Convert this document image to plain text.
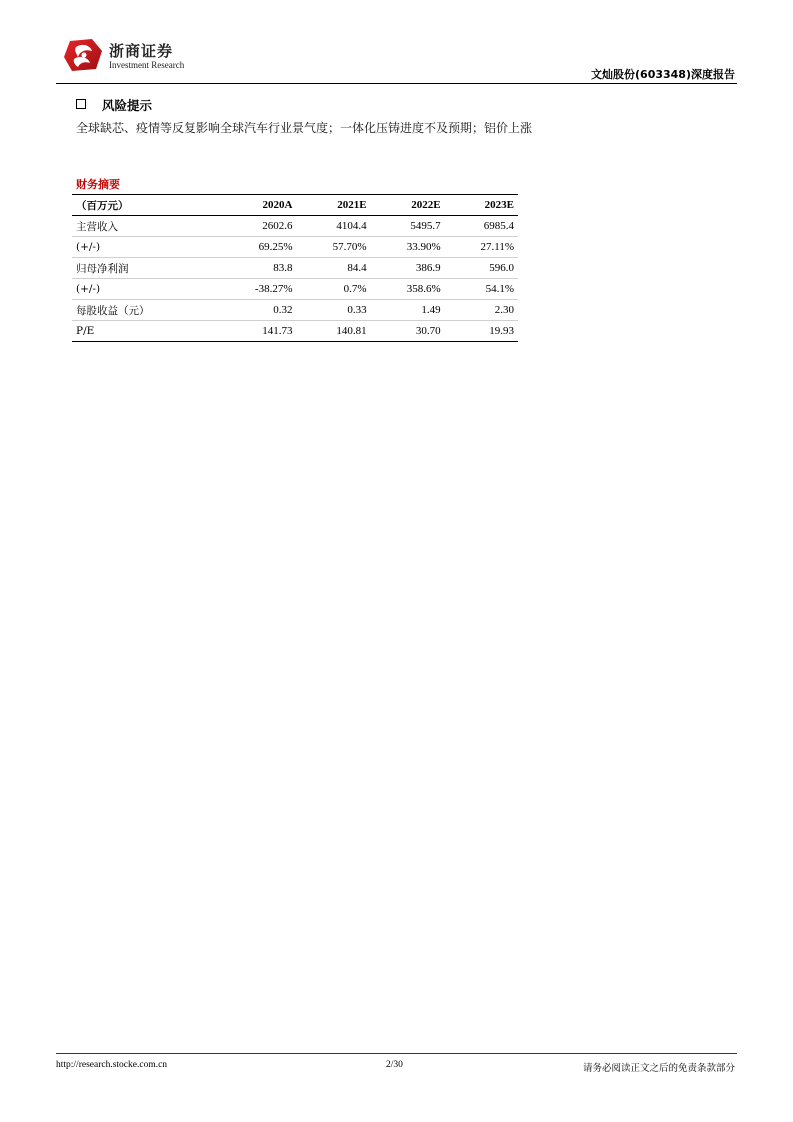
浙商证券
Investment Research
文灿股份(603348)深度报告
风险提示
全球缺芯、疫情等反复影响全球汽车行业景气度；一体化压铸进度不及预期；铝价上涨
财务摘要
（百万元）	2020A	2021E	2022E	2023E
主营收入	2602.6	4104.4	5495.7	6985.4
(+/-)	69.25%	57.70%	33.90%	27.11%
归母净利润	83.8	84.4	386.9	596.0
(+/-)	-38.27%	0.7%	358.6%	54.1%
每股收益（元）	0.32	0.33	1.49	2.30
P/E	141.73	140.81	30.70	19.93
http://research.stocke.com.cn	2/30	请务必阅读正文之后的免责条款部分
